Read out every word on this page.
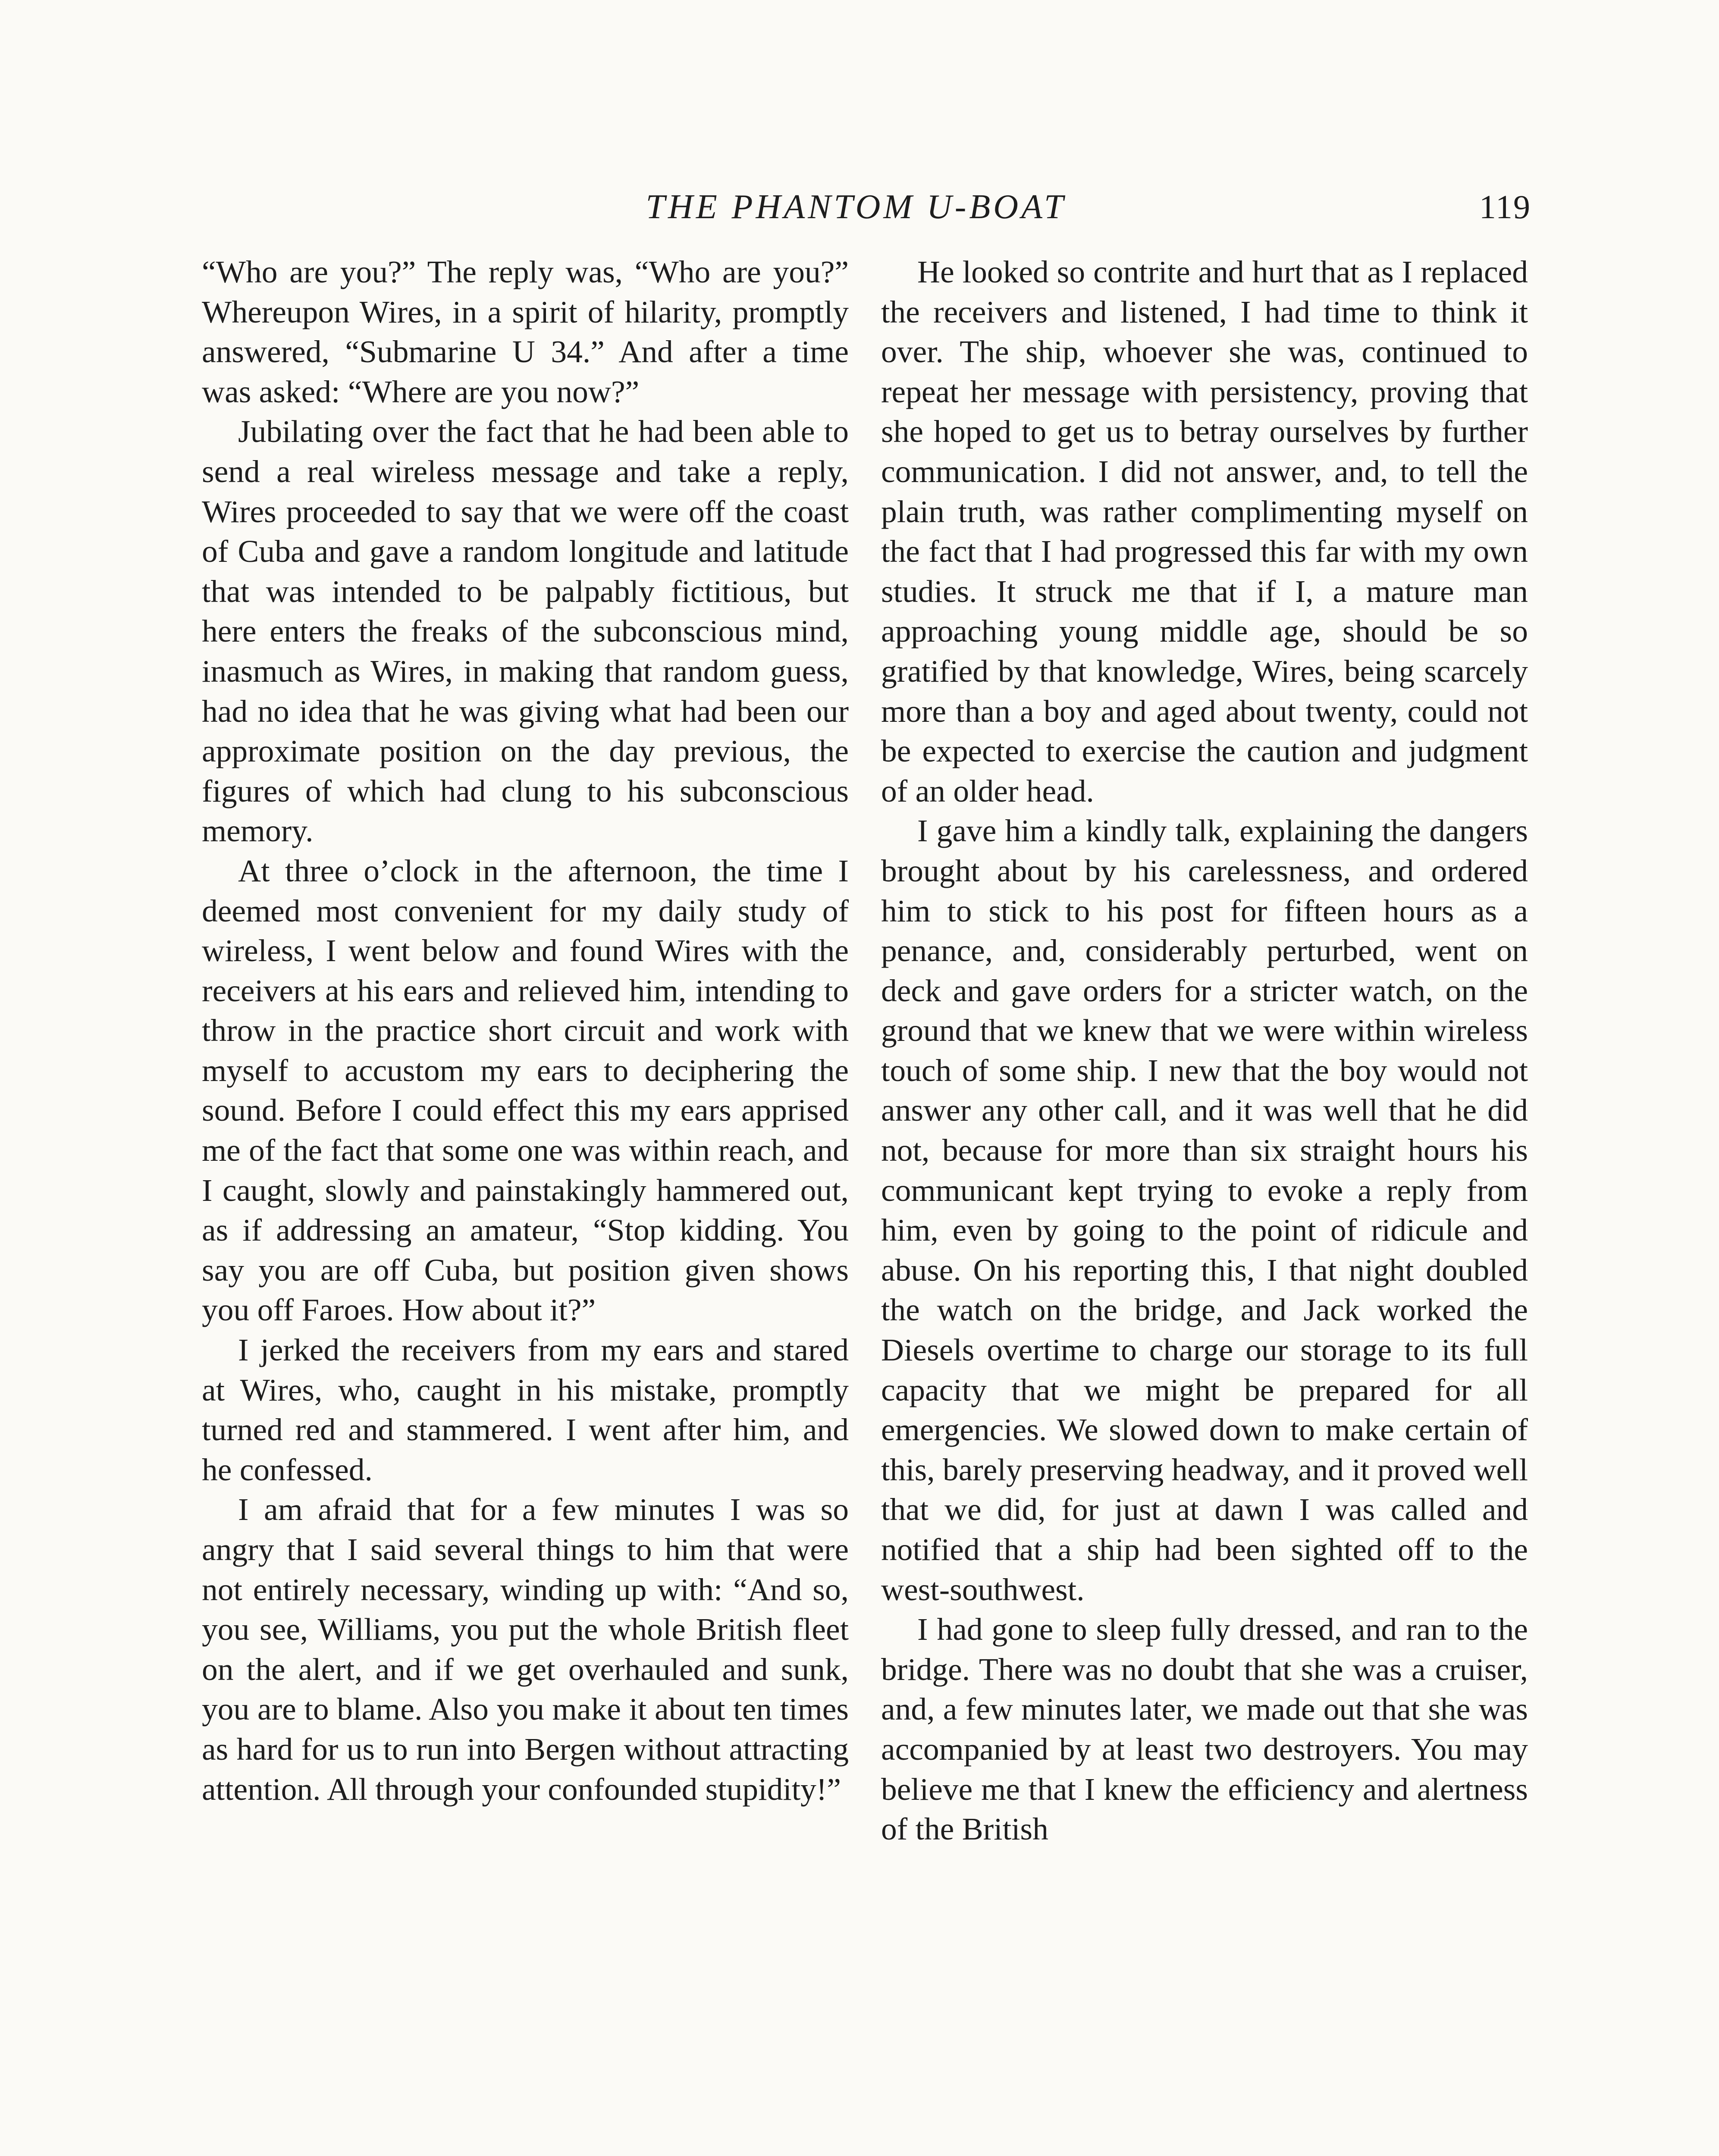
THE PHANTOM U-BOAT	119

“Who are you?” The reply was, “Who are you?” Whereupon Wires, in a spirit of hilarity, promptly answered, “Submarine U 34.” And after a time was asked: “Where are you now?”

Jubilating over the fact that he had been able to send a real wireless message and take a reply, Wires proceeded to say that we were off the coast of Cuba and gave a random longitude and latitude that was intended to be palpably fictitious, but here enters the freaks of the subconscious mind, inasmuch as Wires, in making that random guess, had no idea that he was giving what had been our approximate position on the day previous, the figures of which had clung to his subconscious memory.

At three o’clock in the afternoon, the time I deemed most convenient for my daily study of wireless, I went below and found Wires with the receivers at his ears and relieved him, intending to throw in the practice short circuit and work with myself to accustom my ears to deciphering the sound. Before I could effect this my ears apprised me of the fact that some one was within reach, and I caught, slowly and painstakingly hammered out, as if addressing an amateur, “Stop kidding. You say you are off Cuba, but position given shows you off Faroes. How about it?”

I jerked the receivers from my ears and stared at Wires, who, caught in his mistake, promptly turned red and stammered. I went after him, and he confessed.

I am afraid that for a few minutes I was so angry that I said several things to him that were not entirely necessary, winding up with: “And so, you see, Williams, you put the whole British fleet on the alert, and if we get overhauled and sunk, you are to blame. Also you make it about ten times as hard for us to run into Bergen without attracting attention. All through your confounded stupidity!”

He looked so contrite and hurt that as I replaced the receivers and listened, I had time to think it over. The ship, whoever she was, continued to repeat her message with persistency, proving that she hoped to get us to betray ourselves by further communication. I did not answer, and, to tell the plain truth, was rather complimenting myself on the fact that I had progressed this far with my own studies. It struck me that if I, a mature man approaching young middle age, should be so gratified by that knowledge, Wires, being scarcely more than a boy and aged about twenty, could not be expected to exercise the caution and judgment of an older head.

I gave him a kindly talk, explaining the dangers brought about by his carelessness, and ordered him to stick to his post for fifteen hours as a penance, and, considerably perturbed, went on deck and gave orders for a stricter watch, on the ground that we knew that we were within wireless touch of some ship. I new that the boy would not answer any other call, and it was well that he did not, because for more than six straight hours his communicant kept trying to evoke a reply from him, even by going to the point of ridicule and abuse. On his reporting this, I that night doubled the watch on the bridge, and Jack worked the Diesels overtime to charge our storage to its full capacity that we might be prepared for all emergencies. We slowed down to make certain of this, barely preserving headway, and it proved well that we did, for just at dawn I was called and notified that a ship had been sighted off to the west-southwest.

I had gone to sleep fully dressed, and ran to the bridge. There was no doubt that she was a cruiser, and, a few minutes later, we made out that she was accompanied by at least two destroyers. You may believe me that I knew the efficiency and alertness of the British
